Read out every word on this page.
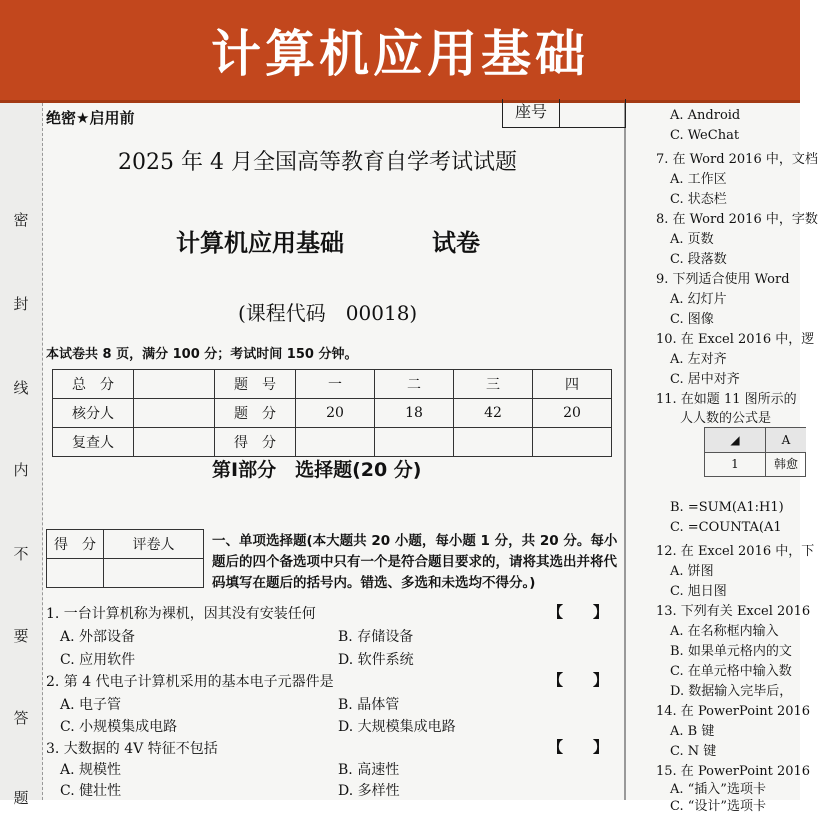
计算机应用基础
密
封
线
内
不
要
答
题
绝密★启用前	座号
2025 年 4 月全国高等教育自学考试试题
计算机应用基础	试卷
(课程代码　00018)
本试卷共 8 页，满分 100 分；考试时间 150 分钟。
总　分		题　号	一	二	三	四
核分人		题　分	20	18	42	20
复查人		得　分				
第Ⅰ部分　选择题(20 分)
得　分	评卷人
		一、单项选择题(本大题共 20 小题，每小题 1 分，共 20 分。每小题后的四个备选项中只有一个是符合题目要求的，请将其选出并将代码填写在题后的括号内。错选、多选和未选均不得分。)
1. 一台计算机称为裸机，因其没有安装任何	【　　】
A. 外部设备	B. 存储设备
C. 应用软件	D. 软件系统
2. 第 4 代电子计算机采用的基本电子元器件是	【　　】
A. 电子管	B. 晶体管
C. 小规模集成电路	D. 大规模集成电路
3. 大数据的 4V 特征不包括	【　　】
A. 规模性	B. 高速性
C. 健壮性	D. 多样性
A. Android
C. WeChat
7. 在 Word 2016 中，文档
A. 工作区
C. 状态栏
8. 在 Word 2016 中，字数
A. 页数
C. 段落数
9. 下列适合使用 Word
A. 幻灯片
C. 图像
10. 在 Excel 2016 中，逻
A. 左对齐
C. 居中对齐
11. 在如题 11 图所示的
人人数的公式是
◢	A
1	韩愈
B. =SUM(A1:H1)
C. =COUNTA(A1
12. 在 Excel 2016 中，下
A. 饼图
C. 旭日图
13. 下列有关 Excel 2016
A. 在名称框内输入
B. 如果单元格内的文
C. 在单元格中输入数
D. 数据输入完毕后，
14. 在 PowerPoint 2016
A. B 键
C. N 键
15. 在 PowerPoint 2016
A. “插入”选项卡
C. “设计”选项卡
